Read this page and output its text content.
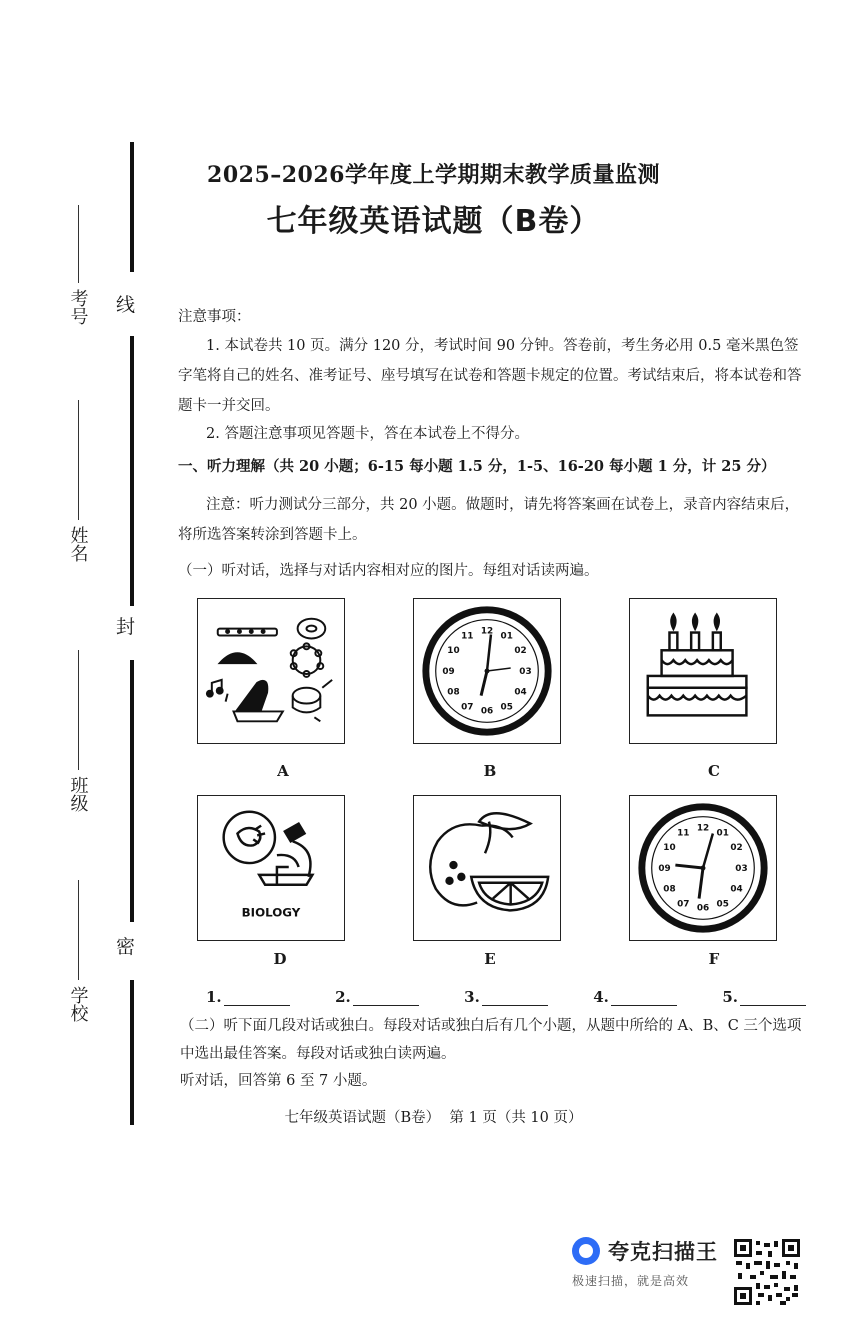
线
封
密
考号
姓名
班级
学校
2025–2026学年度上学期期末教学质量监测
七年级英语试题（B卷）
注意事项：
1. 本试卷共 10 页。满分 120 分，考试时间 90 分钟。答卷前，考生务必用 0.5 毫米黑色签字笔将自己的姓名、准考证号、座号填写在试卷和答题卡规定的位置。考试结束后，将本试卷和答题卡一并交回。
2. 答题注意事项见答题卡，答在本试卷上不得分。
一、听力理解（共 20 小题；6-15 每小题 1.5 分，1-5、16-20 每小题 1 分，计 25 分）
注意：听力测试分三部分，共 20 小题。做题时，请先将答案画在试卷上，录音内容结束后，将所选答案转涂到答题卡上。
（一）听对话，选择与对话内容相对应的图片。每组对话读两遍。
A
12 01
02
03
04
05
06
07
08
09
10
11
B	C
BIOLOGY
D	E
12 01
02
03
04
05
06
07
08
09
10
11
F
1.	2.	3.	4.	5.
（二）听下面几段对话或独白。每段对话或独白后有几个小题，从题中所给的 A、B、C 三个选项中选出最佳答案。每段对话或独白读两遍。
听对话，回答第 6 至 7 小题。
七年级英语试题（B卷）  第 1 页（共 10 页）
夸克扫描王
极速扫描，就是高效
